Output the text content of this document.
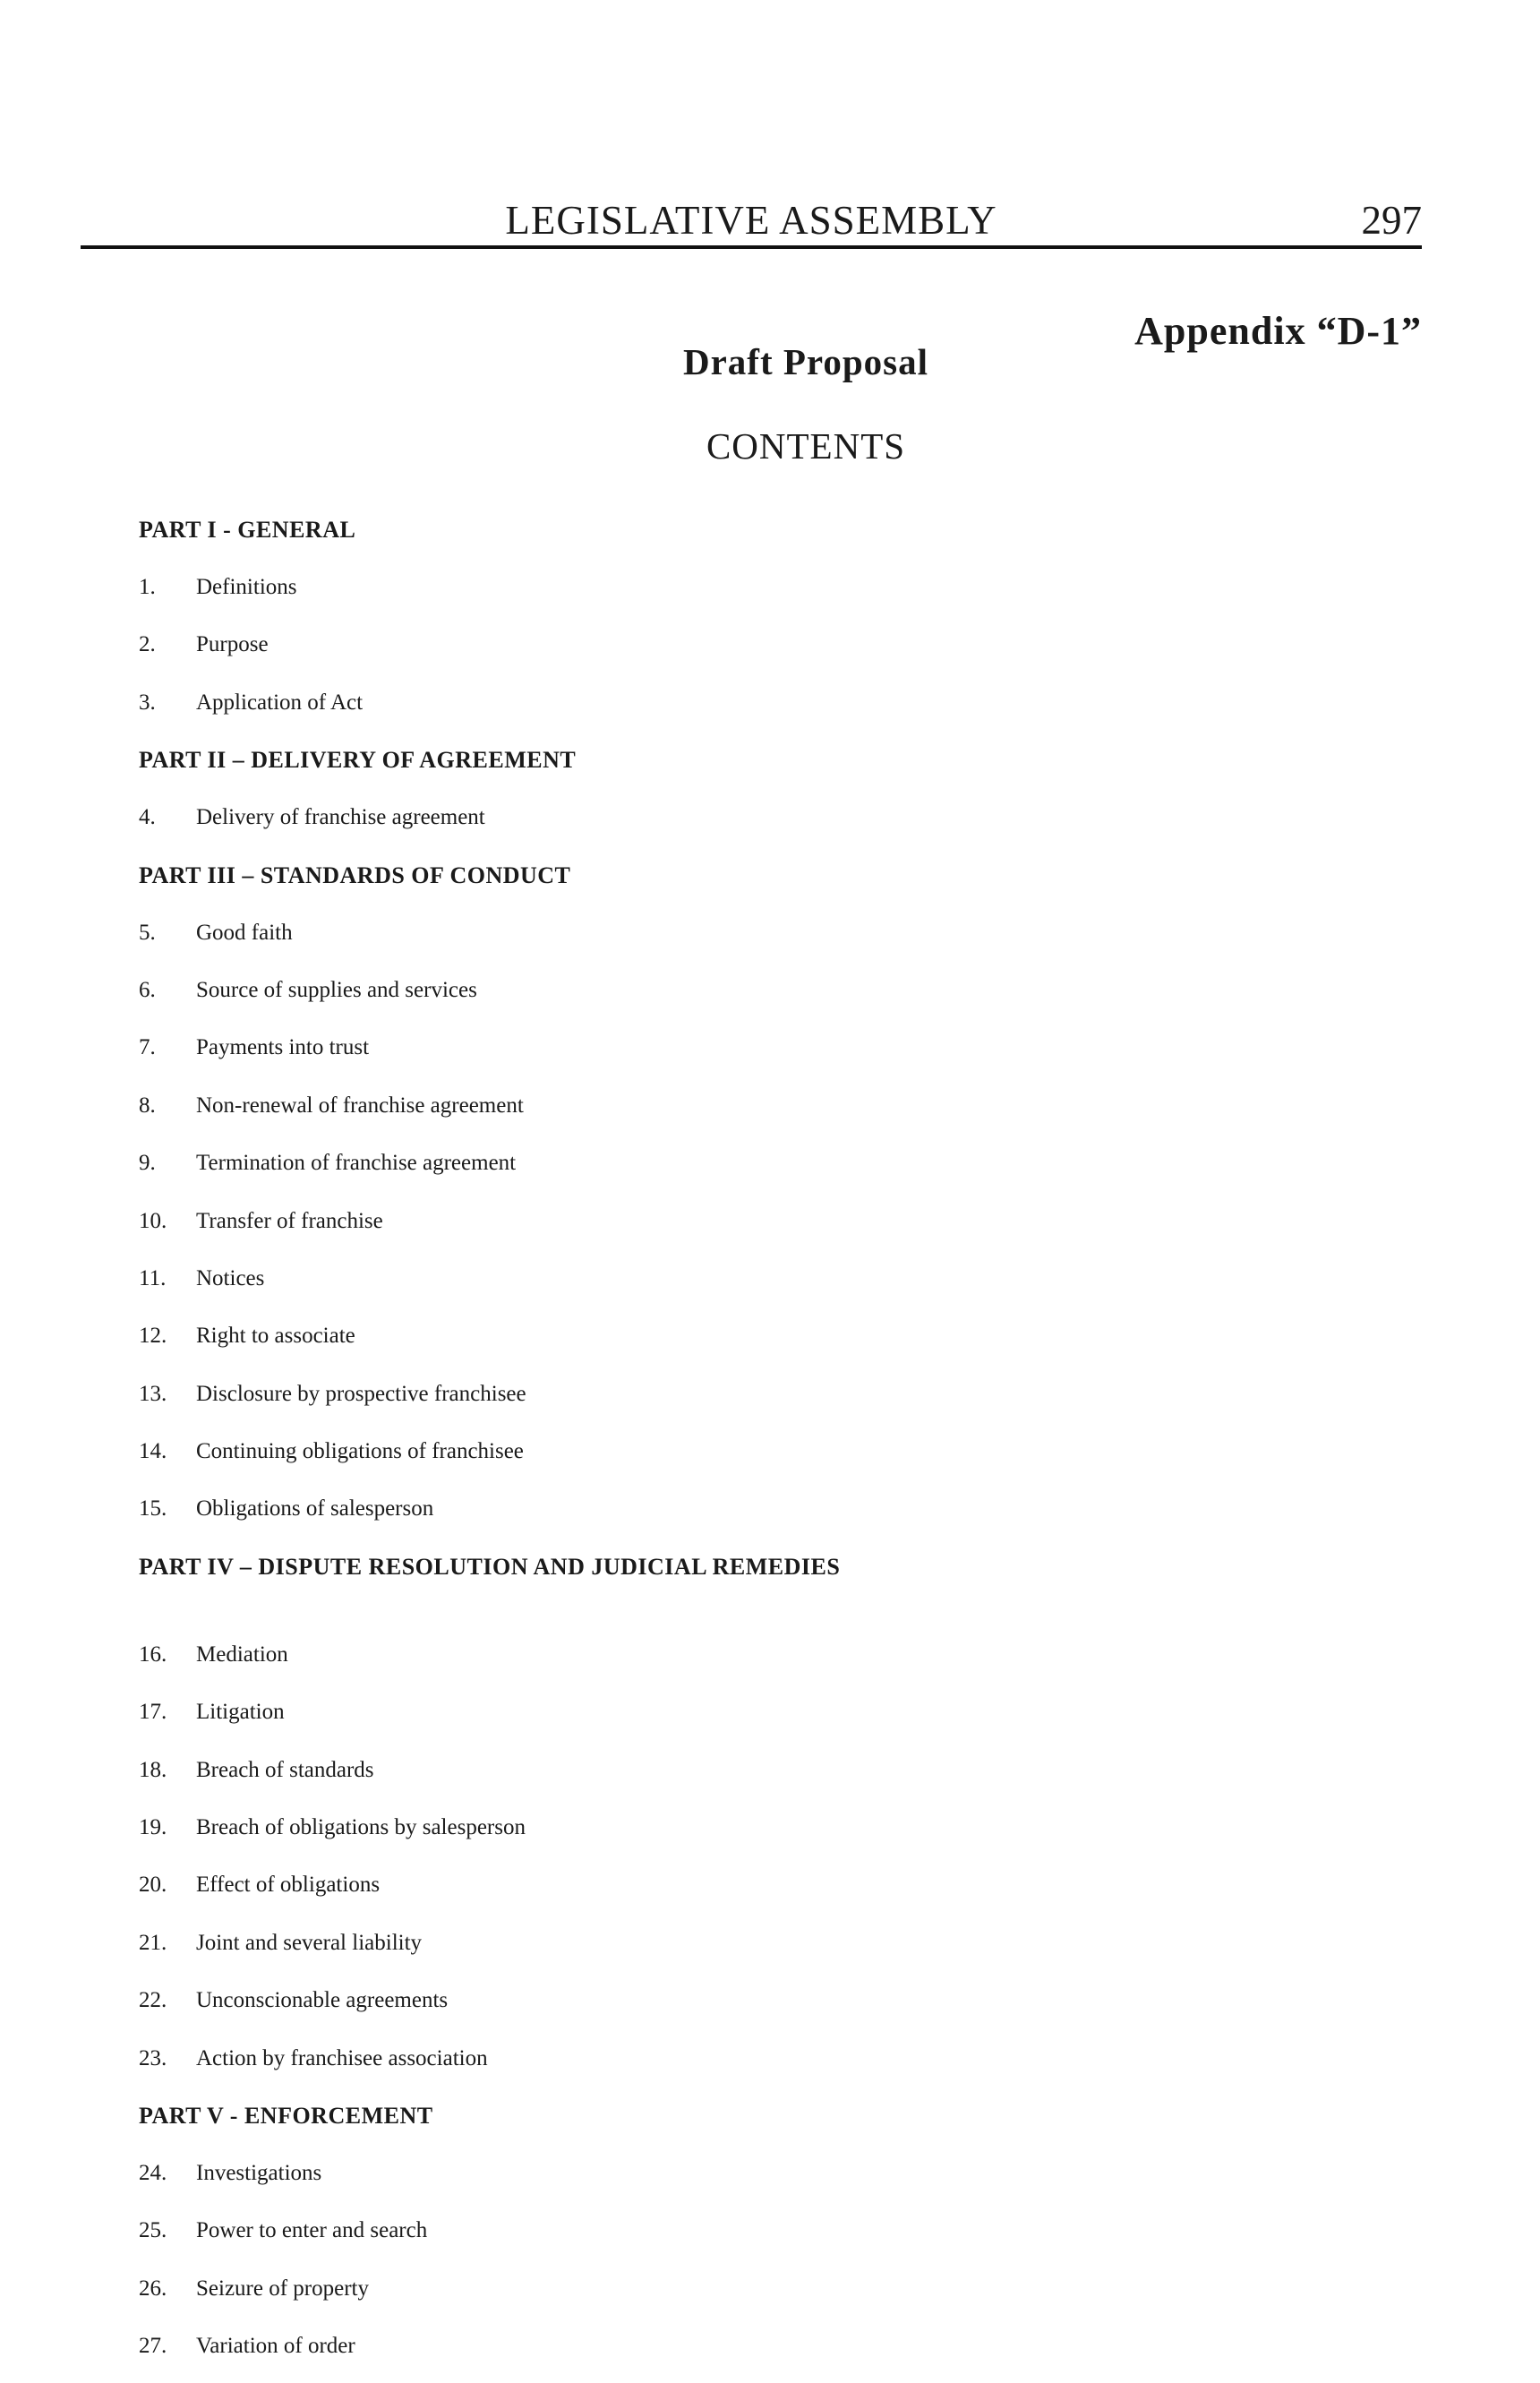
LEGISLATIVE ASSEMBLY	297
Appendix “D-1”
Draft Proposal
CONTENTS
PART I - GENERAL
1.	Definitions
2.	Purpose
3.	Application of Act
PART II – DELIVERY OF AGREEMENT
4.	Delivery of franchise agreement
PART III – STANDARDS OF CONDUCT
5.	Good faith
6.	Source of supplies and services
7.	Payments into trust
8.	Non-renewal of franchise agreement
9.	Termination of franchise agreement
10.	Transfer of franchise
11.	Notices
12.	Right to associate
13.	Disclosure by prospective franchisee
14.	Continuing obligations of franchisee
15.	Obligations of salesperson
PART IV – DISPUTE RESOLUTION AND JUDICIAL REMEDIES
16.	Mediation
17.	Litigation
18.	Breach of standards
19.	Breach of obligations by salesperson
20.	Effect of obligations
21.	Joint and several liability
22.	Unconscionable agreements
23.	Action by franchisee association
PART V - ENFORCEMENT
24.	Investigations
25.	Power to enter and search
26.	Seizure of property
27.	Variation of order
